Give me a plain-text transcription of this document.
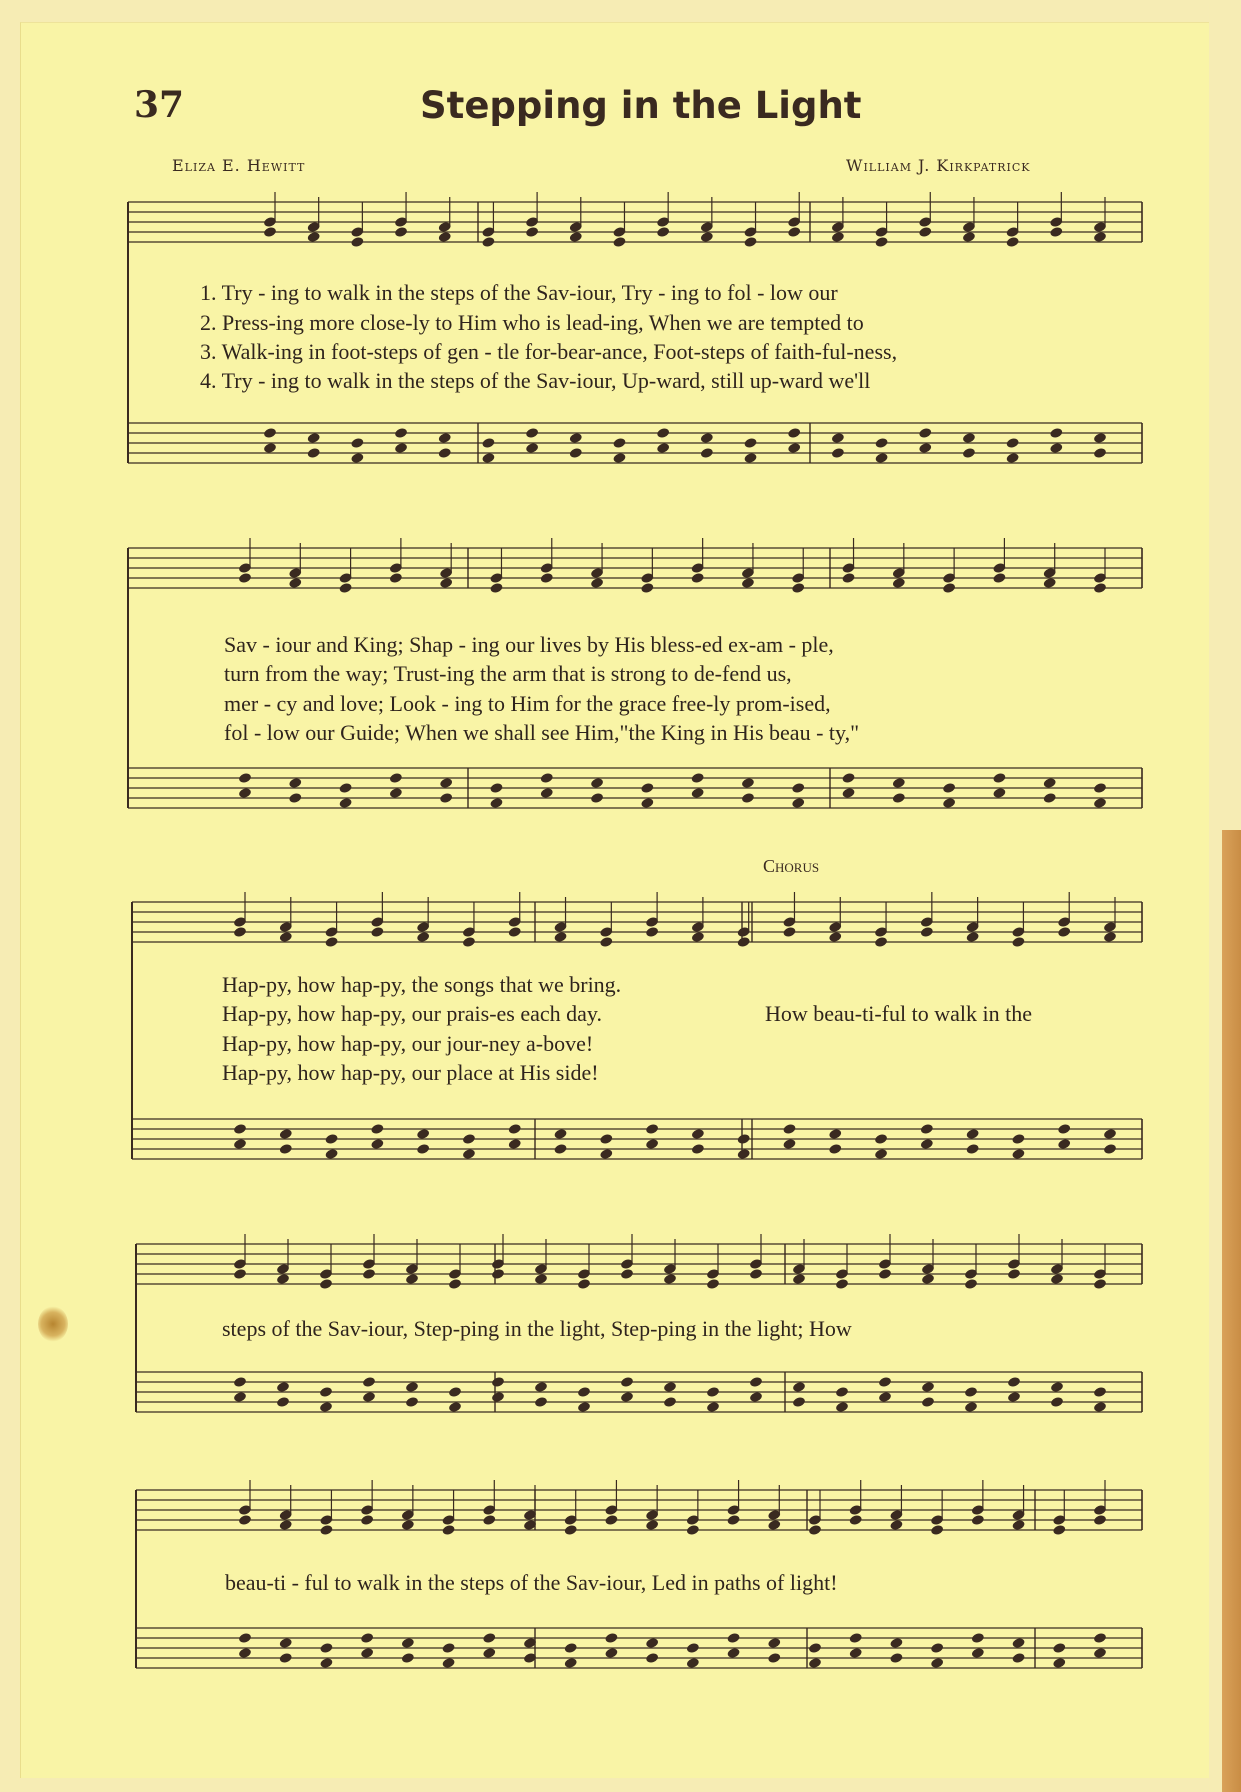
37	Stepping in the Light
Eliza E. Hewitt	William J. Kirkpatrick
Chorus
1. Try - ing to walk in the steps of the Sav-iour, Try - ing to fol - low our
2. Press-ing more close-ly to Him who is lead-ing, When we are tempted to
3. Walk-ing in foot-steps of gen - tle for-bear-ance, Foot-steps of faith-ful-ness,
4. Try - ing to walk in the steps of the Sav-iour, Up-ward, still up-ward we'll
Sav - iour and King; Shap - ing our lives by His bless-ed ex-am - ple,
turn from the way; Trust-ing the arm that is strong to de-fend us,
mer - cy and love; Look - ing to Him for the grace free-ly prom-ised,
fol - low our Guide; When we shall see Him,"the King in His beau - ty,"
Hap-py, how hap-py, the songs that we bring.
Hap-py, how hap-py, our prais-es each day.
Hap-py, how hap-py, our jour-ney a-bove!
Hap-py, how hap-py, our place at His side!
How beau-ti-ful to walk in the
steps of the Sav-iour, Step-ping in the light, Step-ping in the light; How
beau-ti - ful to walk in the steps of the Sav-iour, Led in paths of light!
